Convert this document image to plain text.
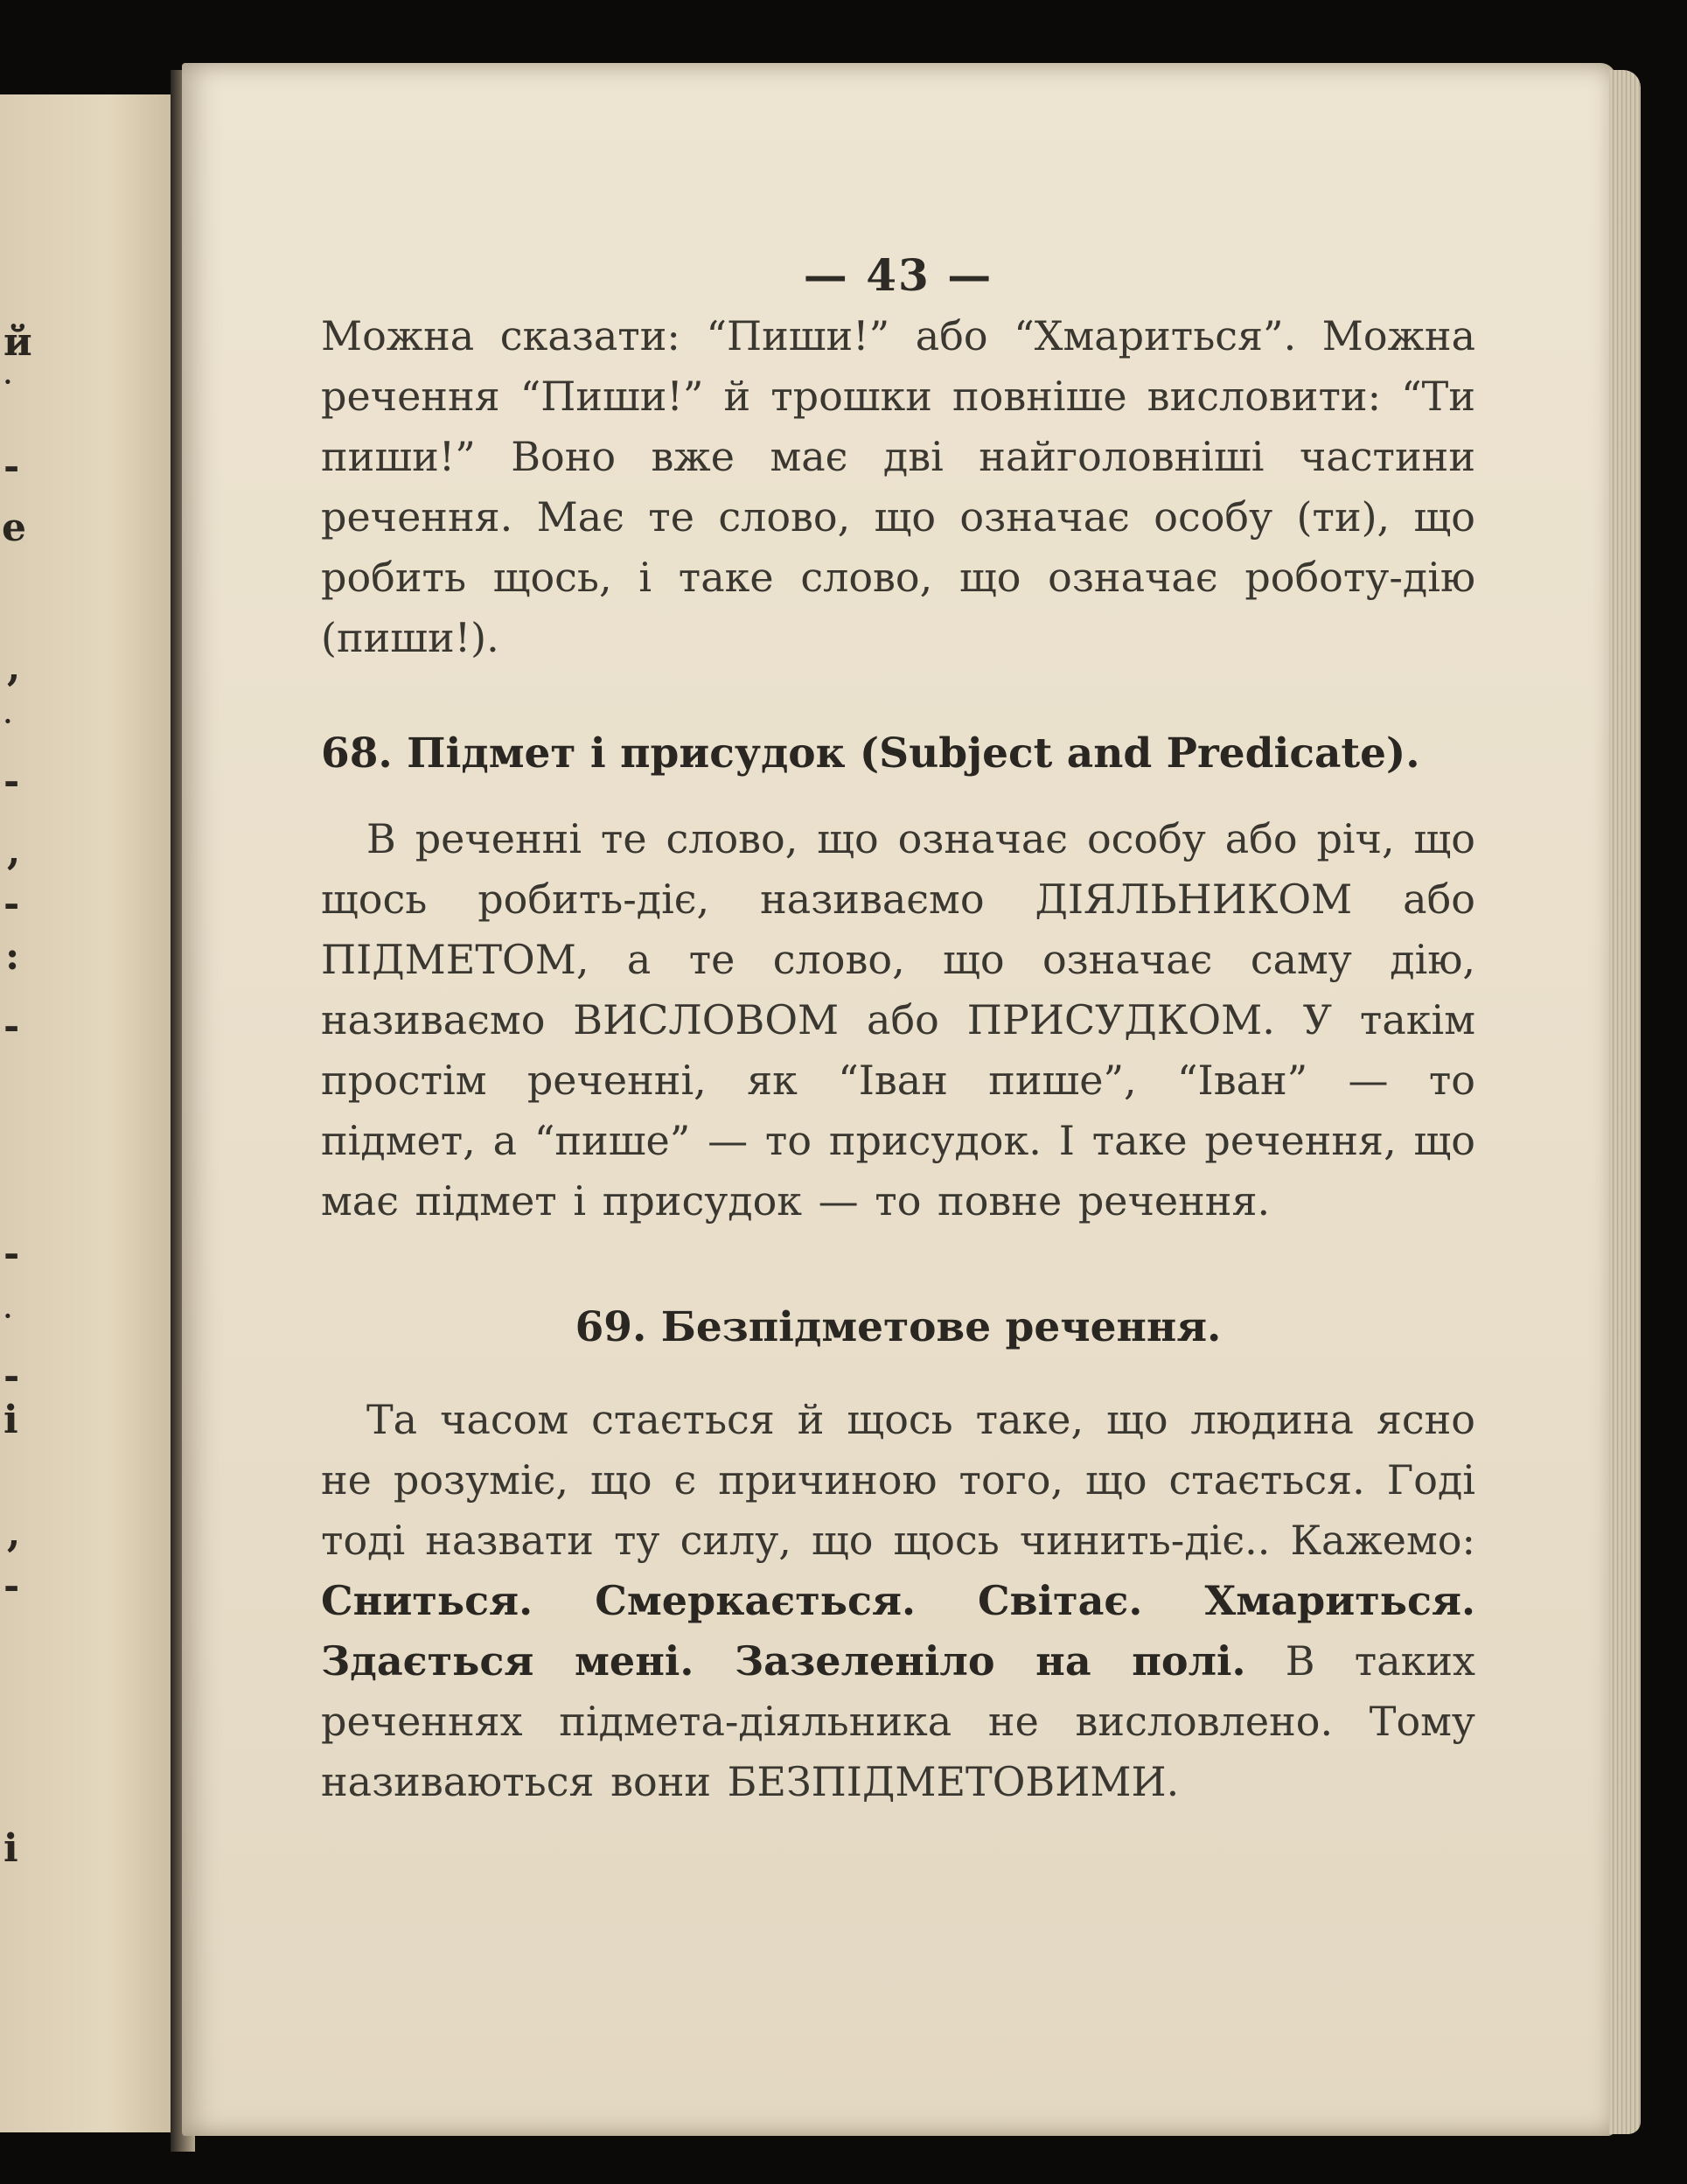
й
·
-
е
,
·
-
,
-
:
-
-
·
-
і
,
-
і
— 43 —

Можна сказати: “Пиши!” або “Хмариться”. Можна речення “Пиши!” й трошки повніше висловити: “Ти пиши!” Воно вже має дві найголовніші частини речення. Має те слово, що означає особу (ти), що робить щось, і таке слово, що означає роботу-дію (пиши!).

68. Підмет і присудок (Subject and Predicate).

В реченні те слово, що означає особу або річ, що щось робить-діє, називаємо ДІЯЛЬНИКОМ або ПІДМЕТОМ, а те слово, що означає саму дію, називаємо ВИСЛОВОМ або ПРИСУДКОМ. У такім простім реченні, як “Іван пише”, “Іван” — то підмет, а “пише” — то присудок. І таке речення, що має підмет і присудок — то повне речення.

69. Безпідметове речення.

Та часом стається й щось таке, що людина ясно не розуміє, що є причиною того, що стається. Годі тоді назвати ту силу, що щось чинить-діє.. Кажемо: Сниться. Смеркається. Світає. Хмариться. Здається мені. Зазеленіло на полі. В таких реченнях підмета-діяльника не висловлено. Тому називаються вони БЕЗПІДМЕТОВИМИ.
